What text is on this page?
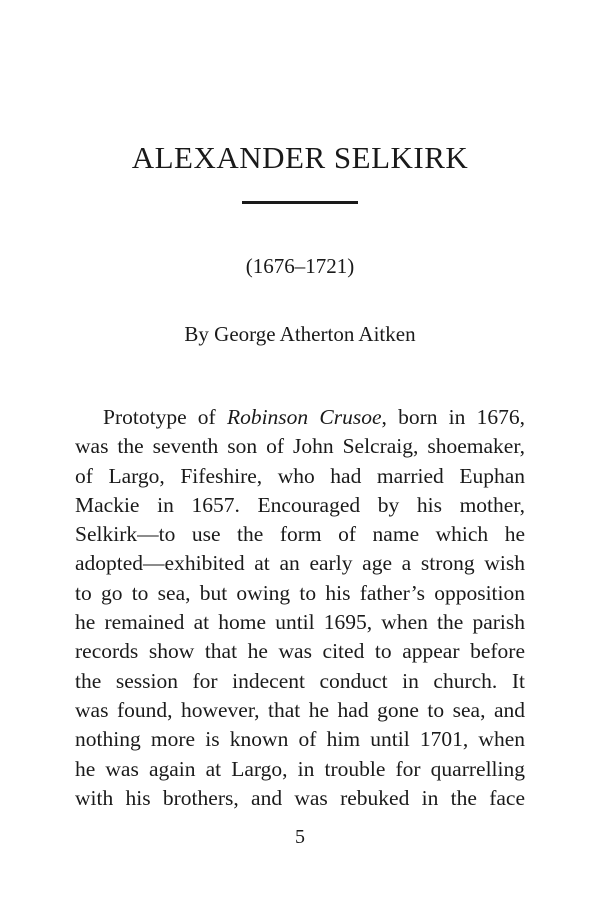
ALEXANDER SELKIRK
(1676–1721)
By George Atherton Aitken
Prototype of Robinson Crusoe, born in 1676,
was the seventh son of John Selcraig, shoemaker,
of Largo, Fifeshire, who had married Euphan
Mackie in 1657. Encouraged by his mother,
Selkirk—to use the form of name which he
adopted—exhibited at an early age a strong wish
to go to sea, but owing to his father’s opposition
he remained at home until 1695, when the parish
records show that he was cited to appear before
the session for indecent conduct in church. It
was found, however, that he had gone to sea, and
nothing more is known of him until 1701, when
he was again at Largo, in trouble for quarrelling
with his brothers, and was rebuked in the face
5
